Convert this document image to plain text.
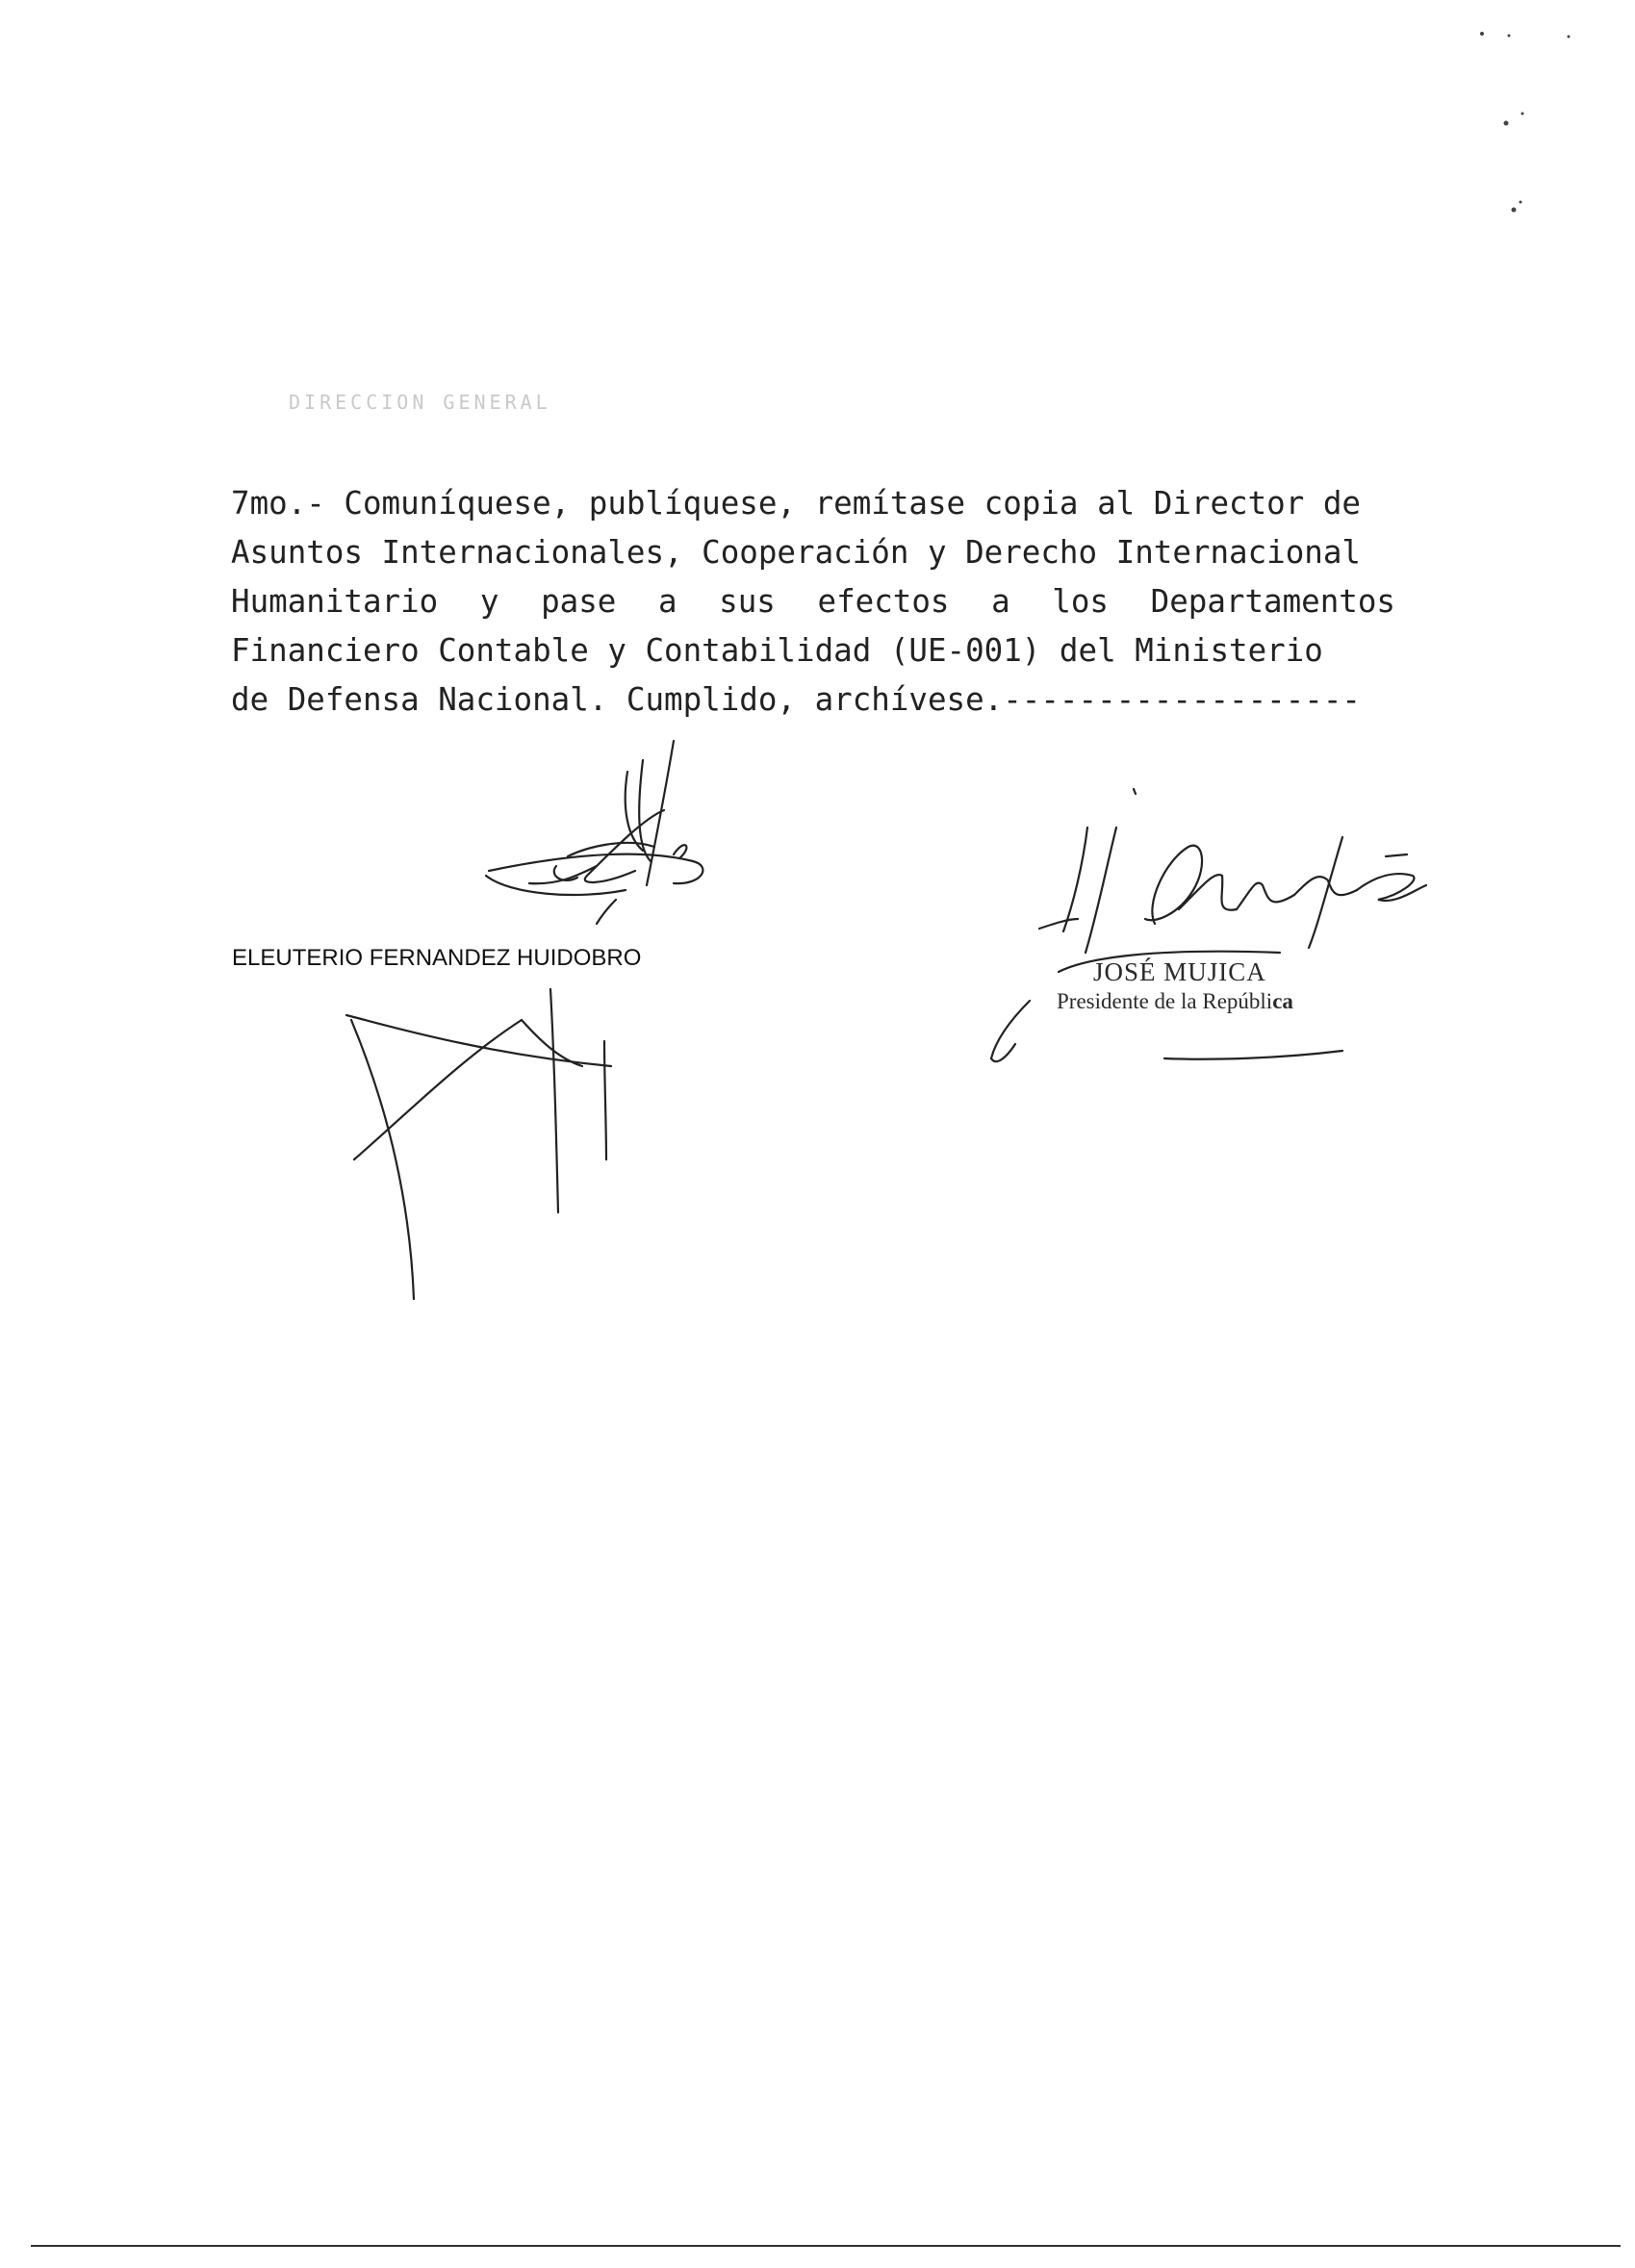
DIRECCION GENERAL
7mo.- Comuníquese, publíquese, remítase copia al Director de
Asuntos Internacionales, Cooperación y Derecho Internacional
Humanitario y pase a sus efectos a los Departamentos
Financiero Contable y Contabilidad (UE-001) del Ministerio
de Defensa Nacional. Cumplido, archívese.-------------------
ELEUTERIO FERNANDEZ HUIDOBRO	JOSÉ MUJICA
Presidente de la República
